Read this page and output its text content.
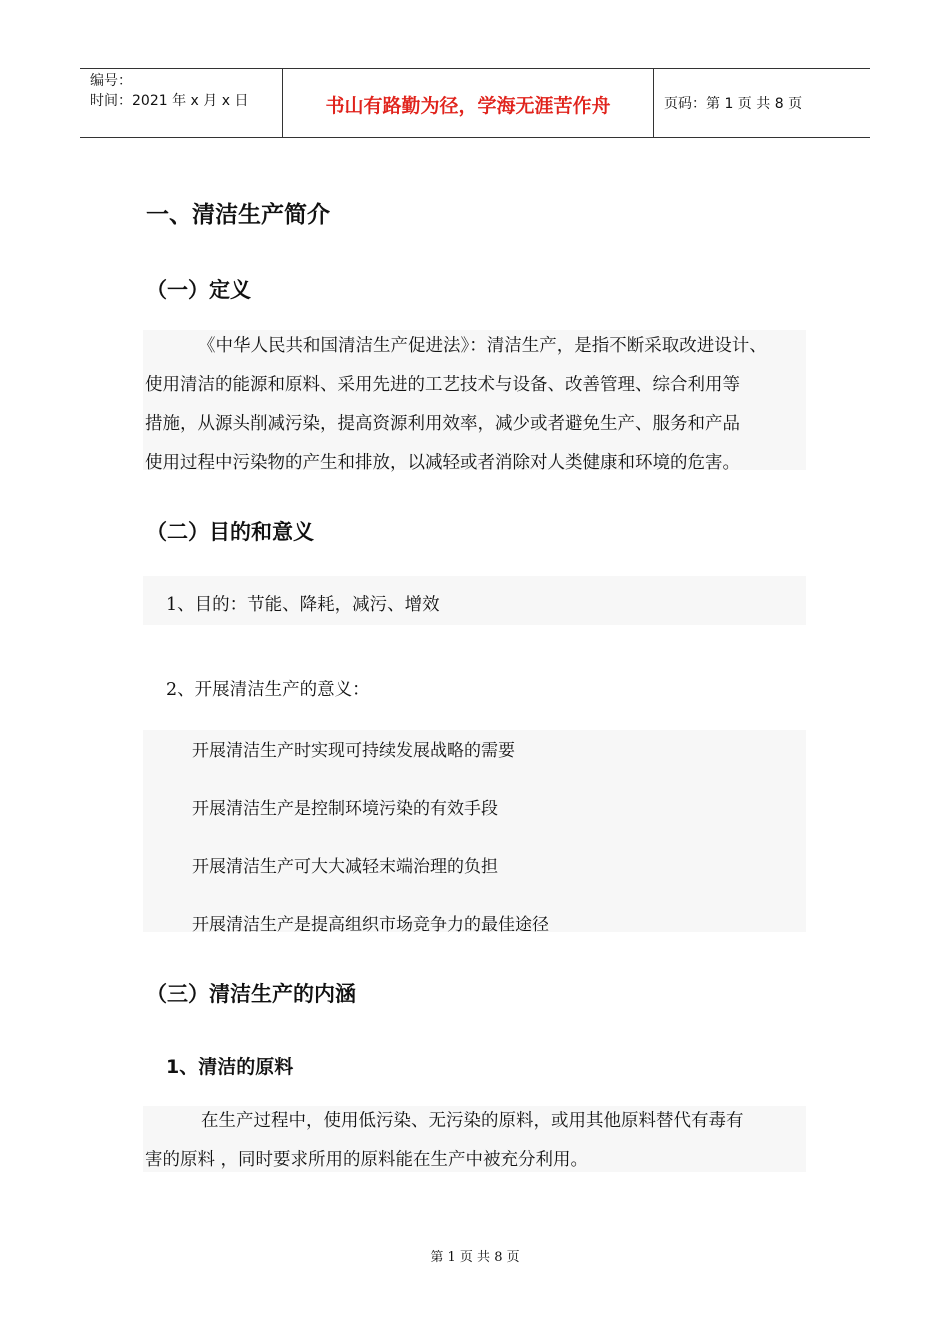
编号：
时间：2021 年 x 月 x 日	书山有路勤为径，学海无涯苦作舟	页码：第 1 页 共 8 页
一、清洁生产简介
（一）定义
《中华人民共和国清洁生产促进法》：清洁生产，是指不断采取改进设计、
使用清洁的能源和原料、采用先进的工艺技术与设备、改善管理、综合利用等
措施，从源头削减污染，提高资源利用效率，减少或者避免生产、服务和产品
使用过程中污染物的产生和排放，以减轻或者消除对人类健康和环境的危害。
（二）目的和意义
1、目的：节能、降耗，减污、增效
2、开展清洁生产的意义：
开展清洁生产时实现可持续发展战略的需要
开展清洁生产是控制环境污染的有效手段
开展清洁生产可大大减轻末端治理的负担
开展清洁生产是提高组织市场竞争力的最佳途径
（三）清洁生产的内涵
1、清洁的原料
在生产过程中，使用低污染、无污染的原料，或用其他原料替代有毒有
害的原料 ，同时要求所用的原料能在生产中被充分利用。
第 1 页 共 8 页
